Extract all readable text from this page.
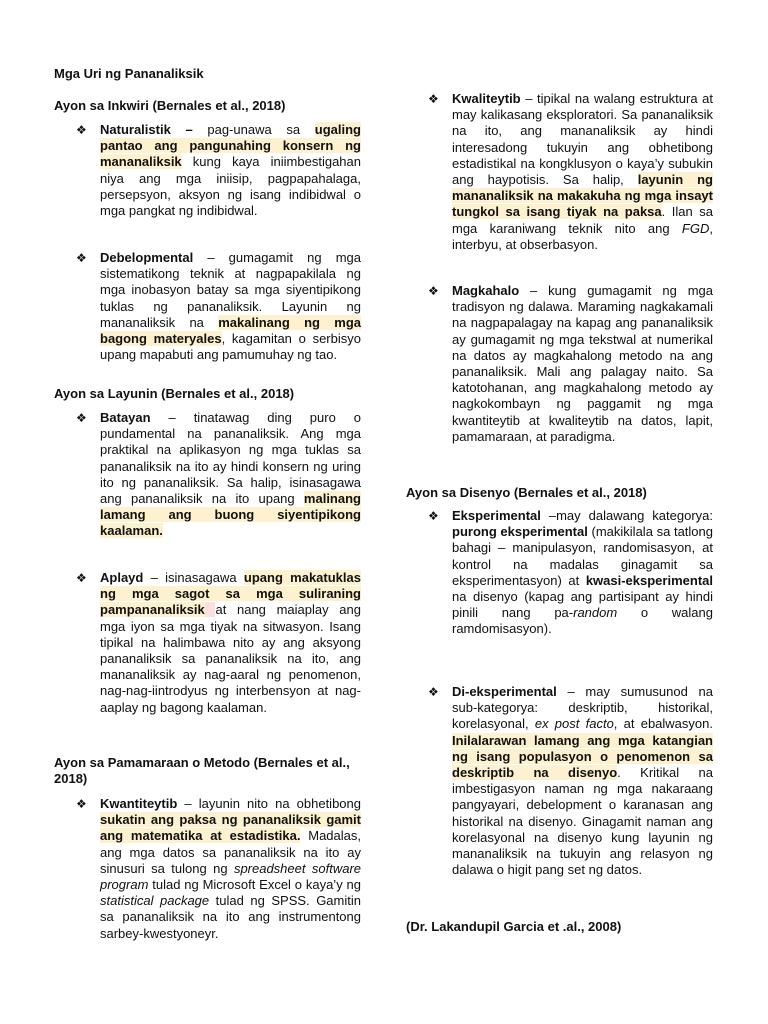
Mga Uri ng Pananaliksik
Ayon sa Inkwiri (Bernales et al., 2018)
❖ Naturalistik – pag-unawa sa ugaling pantao ang pangunahing konsern ng mananaliksik kung kaya iniimbestigahan niya ang mga iniisip, pagpapahalaga, persepsyon, aksyon ng isang indibidwal o mga pangkat ng indibidwal.
❖ Debelopmental – gumagamit ng mga sistematikong teknik at nagpapakilala ng mga inobasyon batay sa mga siyentipikong tuklas ng pananaliksik. Layunin ng mananaliksik na makalinang ng mga bagong materyales, kagamitan o serbisyo upang mapabuti ang pamumuhay ng tao.
Ayon sa Layunin (Bernales et al., 2018)
❖ Batayan – tinatawag ding puro o pundamental na pananaliksik. Ang mga praktikal na aplikasyon ng mga tuklas sa pananaliksik na ito ay hindi konsern ng uring ito ng pananaliksik. Sa halip, isinasagawa ang pananaliksik na ito upang malinang lamang ang buong siyentipikong kaalaman.
❖ Aplayd – isinasagawa upang makatuklas ng mga sagot sa mga suliraning pampananaliksik at nang maiaplay ang mga iyon sa mga tiyak na sitwasyon. Isang tipikal na halimbawa nito ay ang aksyong pananaliksik sa pananaliksik na ito, ang mananaliksik ay nag-aaral ng penomenon, nag-nag-iintrodyus ng interbensyon at nag-aaplay ng bagong kaalaman.
Ayon sa Pamamaraan o Metodo (Bernales et al., 2018)
❖ Kwantiteytib – layunin nito na obhetibong sukatin ang paksa ng pananaliksik gamit ang matematika at estadistika. Madalas, ang mga datos sa pananaliksik na ito ay sinusuri sa tulong ng spreadsheet software program tulad ng Microsoft Excel o kaya’y ng statistical package tulad ng SPSS. Gamitin sa pananaliksik na ito ang instrumentong sarbey-kwestyoneyr.
❖ Kwaliteytib – tipikal na walang estruktura at may kalikasang eksploratori. Sa pananaliksik na ito, ang mananaliksik ay hindi interesadong tukuyin ang obhetibong estadistikal na kongklusyon o kaya’y subukin ang haypotisis. Sa halip, layunin ng mananaliksik na makakuha ng mga insayt tungkol sa isang tiyak na paksa. Ilan sa mga karaniwang teknik nito ang FGD, interbyu, at obserbasyon.
❖ Magkahalo – kung gumagamit ng mga tradisyon ng dalawa. Maraming nagkakamali na nagpapalagay na kapag ang pananaliksik ay gumagamit ng mga tekstwal at numerikal na datos ay magkahalong metodo na ang pananaliksik. Mali ang palagay naito. Sa katotohanan, ang magkahalong metodo ay nagkokombayn ng paggamit ng mga kwantiteytib at kwaliteytib na datos, lapit, pamamaraan, at paradigma.
Ayon sa Disenyo (Bernales et al., 2018)
❖ Eksperimental –may dalawang kategorya: purong eksperimental (makikilala sa tatlong bahagi – manipulasyon, randomisasyon, at kontrol na madalas ginagamit sa eksperimentasyon) at kwasi-eksperimental na disenyo (kapag ang partisipant ay hindi pinili nang pa-random o walang ramdomisasyon).
❖ Di-eksperimental – may sumusunod na sub-kategorya: deskriptib, historikal, korelasyonal, ex post facto, at ebalwasyon. Inilalarawan lamang ang mga katangian ng isang populasyon o penomenon sa deskriptib na disenyo. Kritikal na imbestigasyon naman ng mga nakaraang pangyayari, debelopment o karanasan ang historikal na disenyo. Ginagamit naman ang korelasyonal na disenyo kung layunin ng mananaliksik na tukuyin ang relasyon ng dalawa o higit pang set ng datos.
(Dr. Lakandupil Garcia et .al., 2008)
